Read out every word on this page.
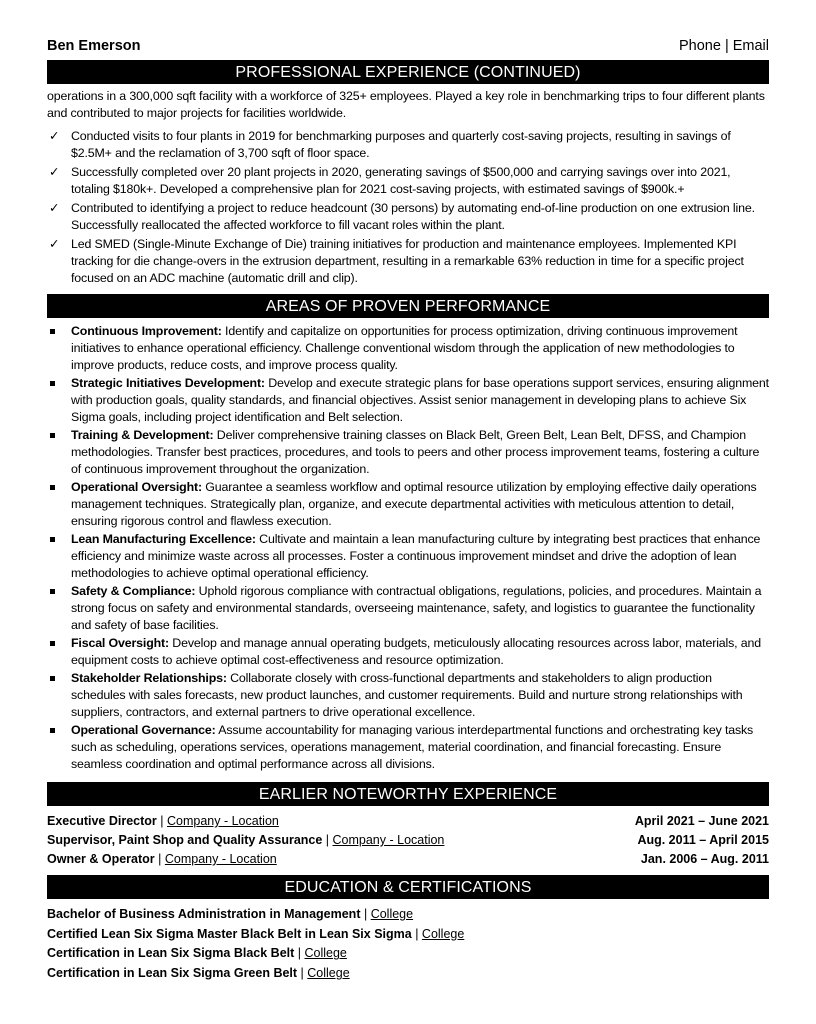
Ben Emerson	Phone | Email
PROFESSIONAL EXPERIENCE (CONTINUED)
operations in a 300,000 sqft facility with a workforce of 325+ employees. Played a key role in benchmarking trips to four different plants and contributed to major projects for facilities worldwide.
✓ Conducted visits to four plants in 2019 for benchmarking purposes and quarterly cost-saving projects, resulting in savings of $2.5M+ and the reclamation of 3,700 sqft of floor space.
✓ Successfully completed over 20 plant projects in 2020, generating savings of $500,000 and carrying savings over into 2021, totaling $180k+. Developed a comprehensive plan for 2021 cost-saving projects, with estimated savings of $900k.+
✓ Contributed to identifying a project to reduce headcount (30 persons) by automating end-of-line production on one extrusion line. Successfully reallocated the affected workforce to fill vacant roles within the plant.
✓ Led SMED (Single-Minute Exchange of Die) training initiatives for production and maintenance employees. Implemented KPI tracking for die change-overs in the extrusion department, resulting in a remarkable 63% reduction in time for a specific project focused on an ADC machine (automatic drill and clip).
AREAS OF PROVEN PERFORMANCE
Continuous Improvement: Identify and capitalize on opportunities for process optimization, driving continuous improvement initiatives to enhance operational efficiency. Challenge conventional wisdom through the application of new methodologies to improve products, reduce costs, and improve process quality.
Strategic Initiatives Development: Develop and execute strategic plans for base operations support services, ensuring alignment with production goals, quality standards, and financial objectives. Assist senior management in developing plans to achieve Six Sigma goals, including project identification and Belt selection.
Training & Development: Deliver comprehensive training classes on Black Belt, Green Belt, Lean Belt, DFSS, and Champion methodologies. Transfer best practices, procedures, and tools to peers and other process improvement teams, fostering a culture of continuous improvement throughout the organization.
Operational Oversight: Guarantee a seamless workflow and optimal resource utilization by employing effective daily operations management techniques. Strategically plan, organize, and execute departmental activities with meticulous attention to detail, ensuring rigorous control and flawless execution.
Lean Manufacturing Excellence: Cultivate and maintain a lean manufacturing culture by integrating best practices that enhance efficiency and minimize waste across all processes. Foster a continuous improvement mindset and drive the adoption of lean methodologies to achieve optimal operational efficiency.
Safety & Compliance: Uphold rigorous compliance with contractual obligations, regulations, policies, and procedures. Maintain a strong focus on safety and environmental standards, overseeing maintenance, safety, and logistics to guarantee the functionality and safety of base facilities.
Fiscal Oversight: Develop and manage annual operating budgets, meticulously allocating resources across labor, materials, and equipment costs to achieve optimal cost-effectiveness and resource optimization.
Stakeholder Relationships: Collaborate closely with cross-functional departments and stakeholders to align production schedules with sales forecasts, new product launches, and customer requirements. Build and nurture strong relationships with suppliers, contractors, and external partners to drive operational excellence.
Operational Governance: Assume accountability for managing various interdepartmental functions and orchestrating key tasks such as scheduling, operations services, operations management, material coordination, and financial forecasting. Ensure seamless coordination and optimal performance across all divisions.
EARLIER NOTEWORTHY EXPERIENCE
Executive Director | Company - Location	April 2021 – June 2021
Supervisor, Paint Shop and Quality Assurance | Company - Location	Aug. 2011 – April 2015
Owner & Operator | Company - Location	Jan. 2006 – Aug. 2011
EDUCATION & CERTIFICATIONS
Bachelor of Business Administration in Management | College
Certified Lean Six Sigma Master Black Belt in Lean Six Sigma | College
Certification in Lean Six Sigma Black Belt | College
Certification in Lean Six Sigma Green Belt | College
